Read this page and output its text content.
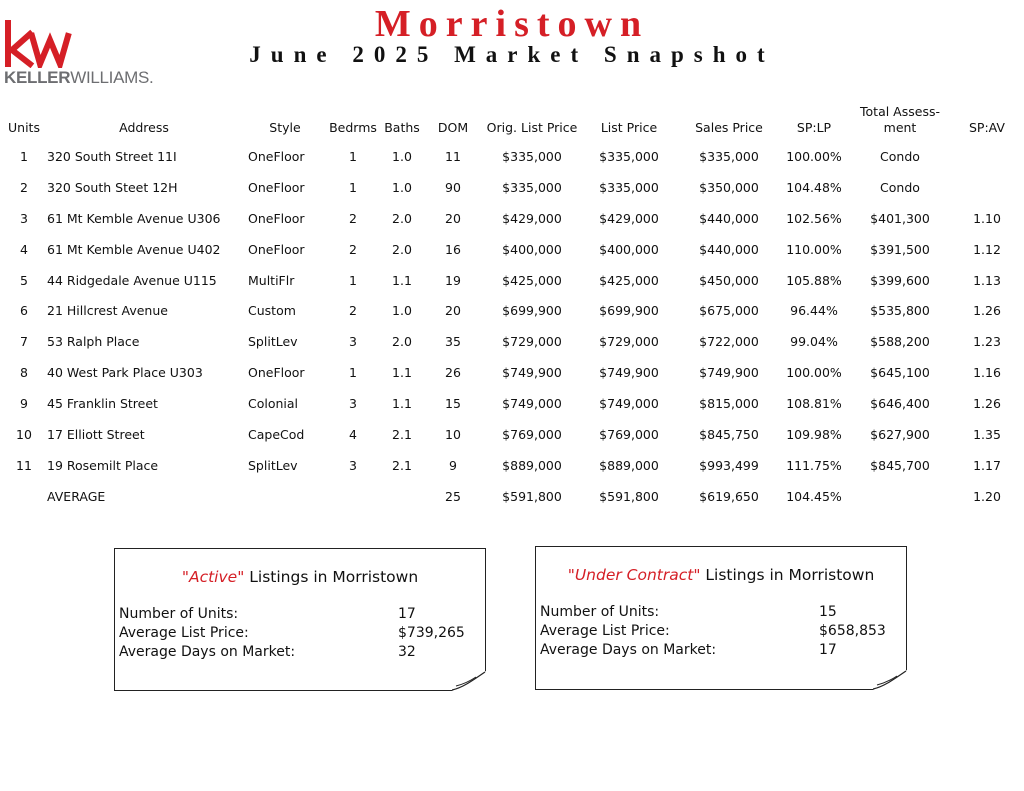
KELLERWILLIAMS.
Morristown
June 2025 Market Snapshot
Units	Address	Style	Bedrms	Baths	DOM	Orig. List Price	List Price	Sales Price	SP:LP	Total Assess-ment	SP:AV
1	320 South Street 11I	OneFloor	1	1.0	11	$335,000	$335,000	$335,000	100.00%	Condo	
2	320 South Steet 12H	OneFloor	1	1.0	90	$335,000	$335,000	$350,000	104.48%	Condo	
3	61 Mt Kemble Avenue U306	OneFloor	2	2.0	20	$429,000	$429,000	$440,000	102.56%	$401,300	1.10
4	61 Mt Kemble Avenue U402	OneFloor	2	2.0	16	$400,000	$400,000	$440,000	110.00%	$391,500	1.12
5	44 Ridgedale Avenue U115	MultiFlr	1	1.1	19	$425,000	$425,000	$450,000	105.88%	$399,600	1.13
6	21 Hillcrest Avenue	Custom	2	1.0	20	$699,900	$699,900	$675,000	96.44%	$535,800	1.26
7	53 Ralph Place	SplitLev	3	2.0	35	$729,000	$729,000	$722,000	99.04%	$588,200	1.23
8	40 West Park Place U303	OneFloor	1	1.1	26	$749,900	$749,900	$749,900	100.00%	$645,100	1.16
9	45 Franklin Street	Colonial	3	1.1	15	$749,000	$749,000	$815,000	108.81%	$646,400	1.26
10	17 Elliott Street	CapeCod	4	2.1	10	$769,000	$769,000	$845,750	109.98%	$627,900	1.35
11	19 Rosemilt Place	SplitLev	3	2.1	9	$889,000	$889,000	$993,499	111.75%	$845,700	1.17
	AVERAGE				25	$591,800	$591,800	$619,650	104.45%		1.20
"Active" Listings in Morristown
Number of Units:	17
Average List Price:	$739,265
Average Days on Market:	32
"Under Contract" Listings in Morristown
Number of Units:	15
Average List Price:	$658,853
Average Days on Market:	17
